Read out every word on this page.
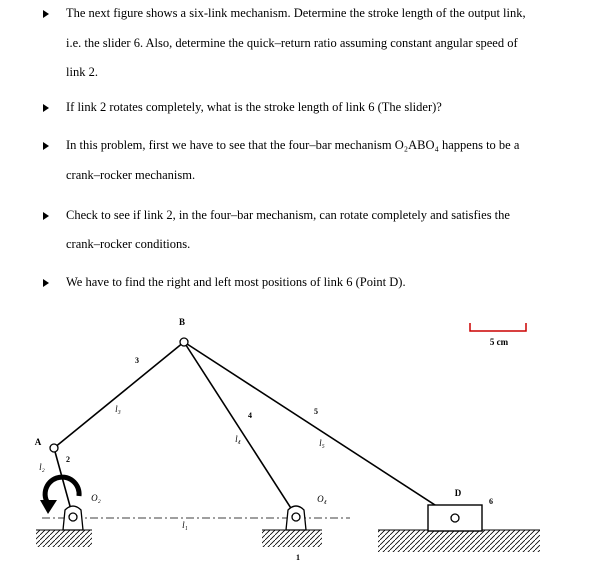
The next figure shows a six-link mechanism. Determine the stroke length of the output link,
i.e. the slider 6. Also, determine the quick–return ratio assuming constant angular speed of
link 2.
If link 2 rotates completely, what is the stroke length of link 6 (The slider)?
In this problem, first we have to see that the four–bar mechanism O₂ABO₄ happens to be a
crank–rocker mechanism.
Check to see if link 2, in the four–bar mechanism, can rotate completely and satisfies the
crank–rocker conditions.
We have to find the right and left most positions of link 6 (Point D).
5 cm
B
A
D
3
4	5
2
6
1
l₃
l₄	l₅
l₂
l₁
O₂	O₄
